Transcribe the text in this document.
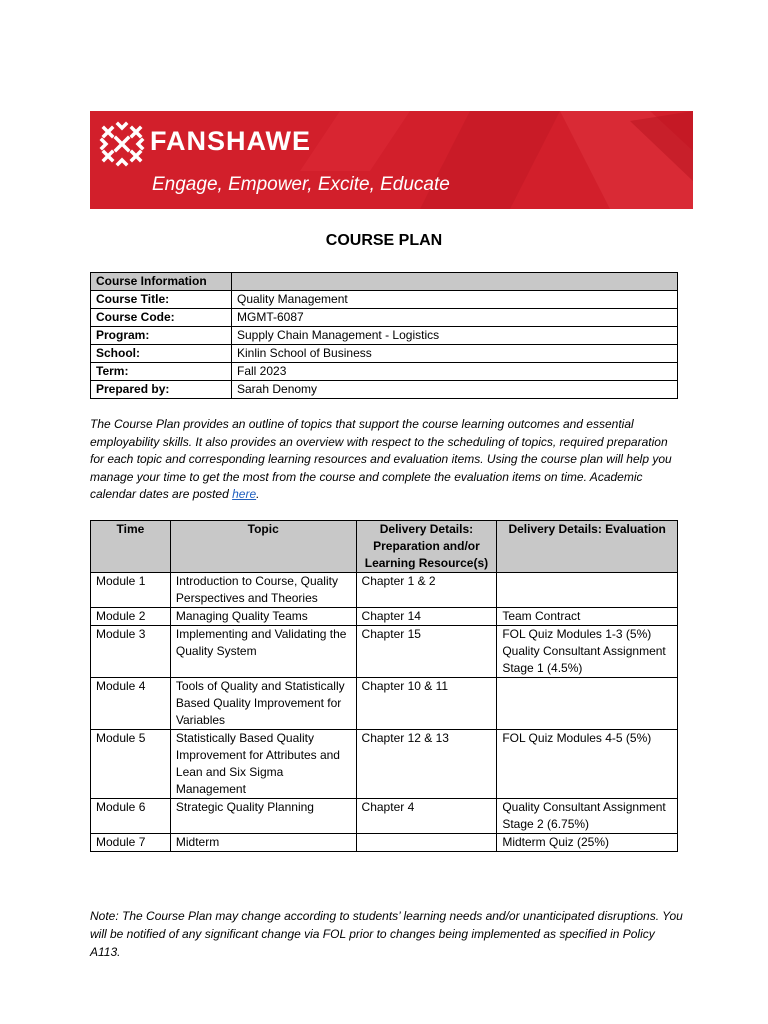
FANSHAWE
Engage, Empower, Excite, Educate
COURSE PLAN
Course Information	
Course Title:	Quality Management
Course Code:	MGMT-6087
Program:	Supply Chain Management - Logistics
School:	Kinlin School of Business
Term:	Fall 2023
Prepared by:	Sarah Denomy

The Course Plan provides an outline of topics that support the course learning outcomes and essential employability skills. It also provides an overview with respect to the scheduling of topics, required preparation for each topic and corresponding learning resources and evaluation items. Using the course plan will help you manage your time to get the most from the course and complete the evaluation items on time. Academic calendar dates are posted here.

Time	Topic	Delivery Details: Preparation and/or Learning Resource(s)	Delivery Details: Evaluation
Module 1	Introduction to Course, Quality Perspectives and Theories	Chapter 1 & 2	
Module 2	Managing Quality Teams	Chapter 14	Team Contract
Module 3	Implementing and Validating the Quality System	Chapter 15	FOL Quiz Modules 1-3 (5%) Quality Consultant Assignment Stage 1 (4.5%)
Module 4	Tools of Quality and Statistically Based Quality Improvement for Variables	Chapter 10 & 11	
Module 5	Statistically Based Quality Improvement for Attributes and Lean and Six Sigma Management	Chapter 12 & 13	FOL Quiz Modules 4-5 (5%)
Module 6	Strategic Quality Planning	Chapter 4	Quality Consultant Assignment Stage 2 (6.75%)
Module 7	Midterm		Midterm Quiz (25%)

Note: The Course Plan may change according to students’ learning needs and/or unanticipated disruptions. You will be notified of any significant change via FOL prior to changes being implemented as specified in Policy A113.
